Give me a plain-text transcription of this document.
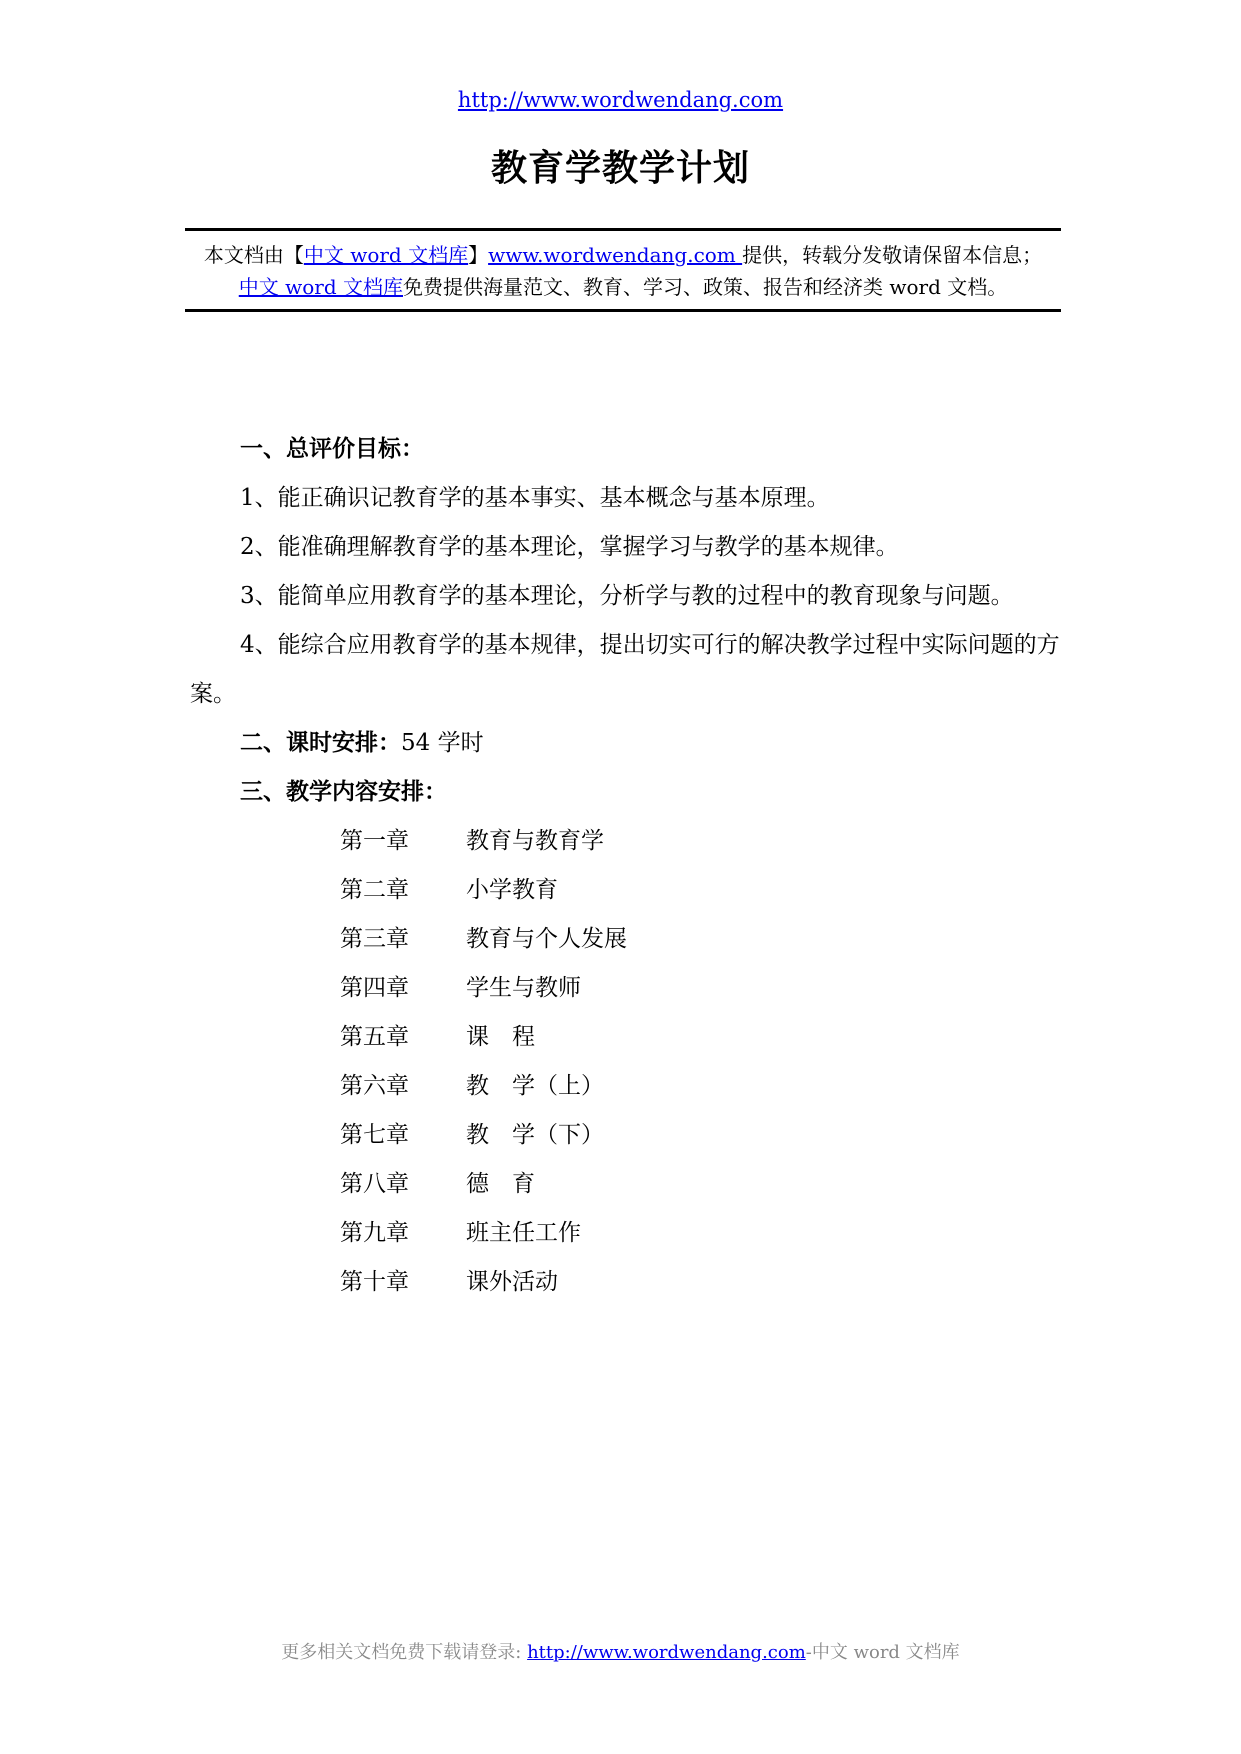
http://www.wordwendang.com
教育学教学计划
本文档由【中文 word 文档库】www.wordwendang.com 提供，转载分发敬请保留本信息；
中文 word 文档库免费提供海量范文、教育、学习、政策、报告和经济类 word 文档。

一、总评价目标：

1、能正确识记教育学的基本事实、基本概念与基本原理。

2、能准确理解教育学的基本理论，掌握学习与教学的基本规律。

3、能简单应用教育学的基本理论，分析学与教的过程中的教育现象与问题。

4、能综合应用教育学的基本规律，提出切实可行的解决教学过程中实际问题的方案。

二、课时安排：54 学时

三、教学内容安排：

第一章	教育与教育学
第二章	小学教育
第三章	教育与个人发展
第四章	学生与教师
第五章	课　程
第六章	教　学（上）
第七章	教　学（下）
第八章	德　育
第九章	班主任工作
第十章	课外活动
更多相关文档免费下载请登录: http://www.wordwendang.com-中文 word 文档库
